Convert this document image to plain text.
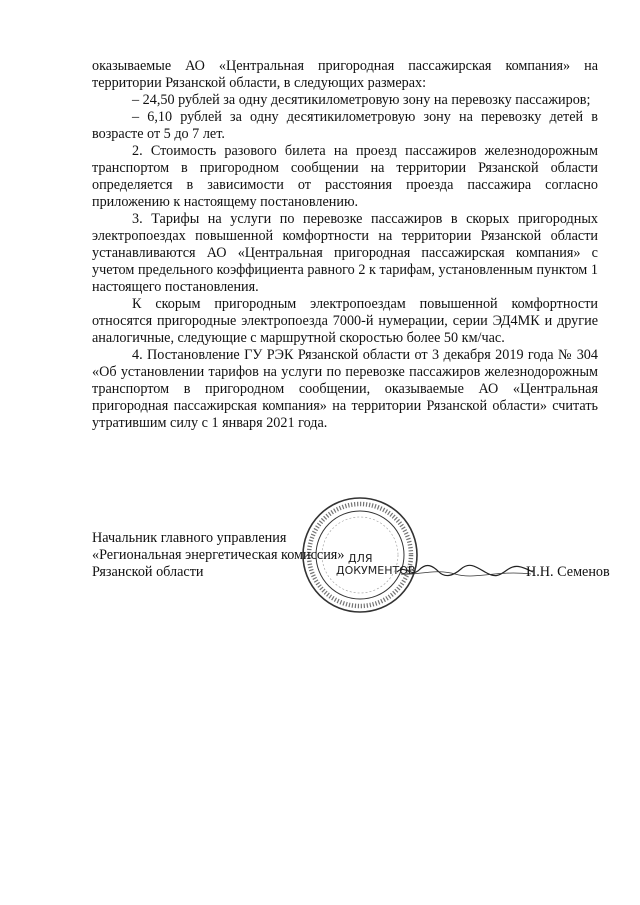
оказываемые АО «Центральная пригородная пассажирская компания» на территории Рязанской области, в следующих размерах:

– 24,50 рублей за одну десятикилометровую зону на перевозку пассажиров;

– 6,10 рублей за одну десятикилометровую зону на перевозку детей в возрасте от 5 до 7 лет.

2. Стоимость разового билета на проезд пассажиров железнодорожным транспортом в пригородном сообщении на территории Рязанской области определяется в зависимости от расстояния проезда пассажира согласно приложению к настоящему постановлению.

3. Тарифы на услуги по перевозке пассажиров в скорых пригородных электропоездах повышенной комфортности на территории Рязанской области устанавливаются АО «Центральная пригородная пассажирская компания» с учетом предельного коэффициента равного 2 к тарифам, установленным пунктом 1 настоящего постановления.

К скорым пригородным электропоездам повышенной комфортности относятся пригородные электропоезда 7000-й нумерации, серии ЭД4МК и другие аналогичные, следующие с маршрутной скоростью более 50 км/час.

4. Постановление ГУ РЭК Рязанской области от 3 декабря 2019 года № 304 «Об установлении тарифов на услуги по перевозке пассажиров железнодорожным транспортом в пригородном сообщении, оказываемые АО «Центральная пригородная пассажирская компания» на территории Рязанской области» считать утратившим силу с 1 января 2021 года.

ДЛЯ
ДОКУМЕНТОВ
Начальник главного управления
«Региональная энергетическая комиссия»
Рязанской области	Н.Н. Семенов
